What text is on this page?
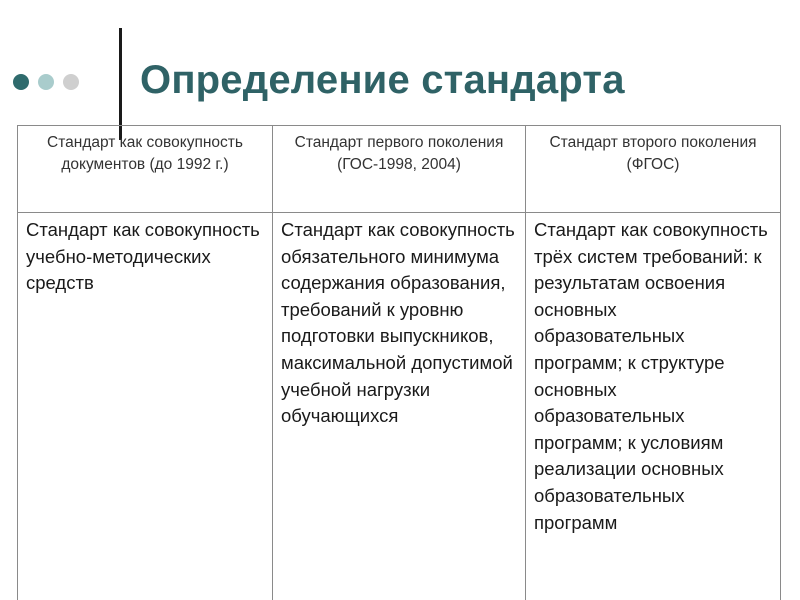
Определение стандарта
Стандарт как совокупность документов (до 1992 г.)	Стандарт первого поколения (ГОС-1998, 2004)	Стандарт второго поколения (ФГОС)
Стандарт как совокупность учебно-методических средств	Стандарт как совокупность обязательного минимума содержания образования, требований к уровню подготовки выпускников, максимальной допустимой учебной нагрузки обучающихся	Стандарт как совокупность трёх систем требований: к результатам освоения основных образовательных программ; к структуре основных образовательных программ; к условиям реализации основных образовательных программ
